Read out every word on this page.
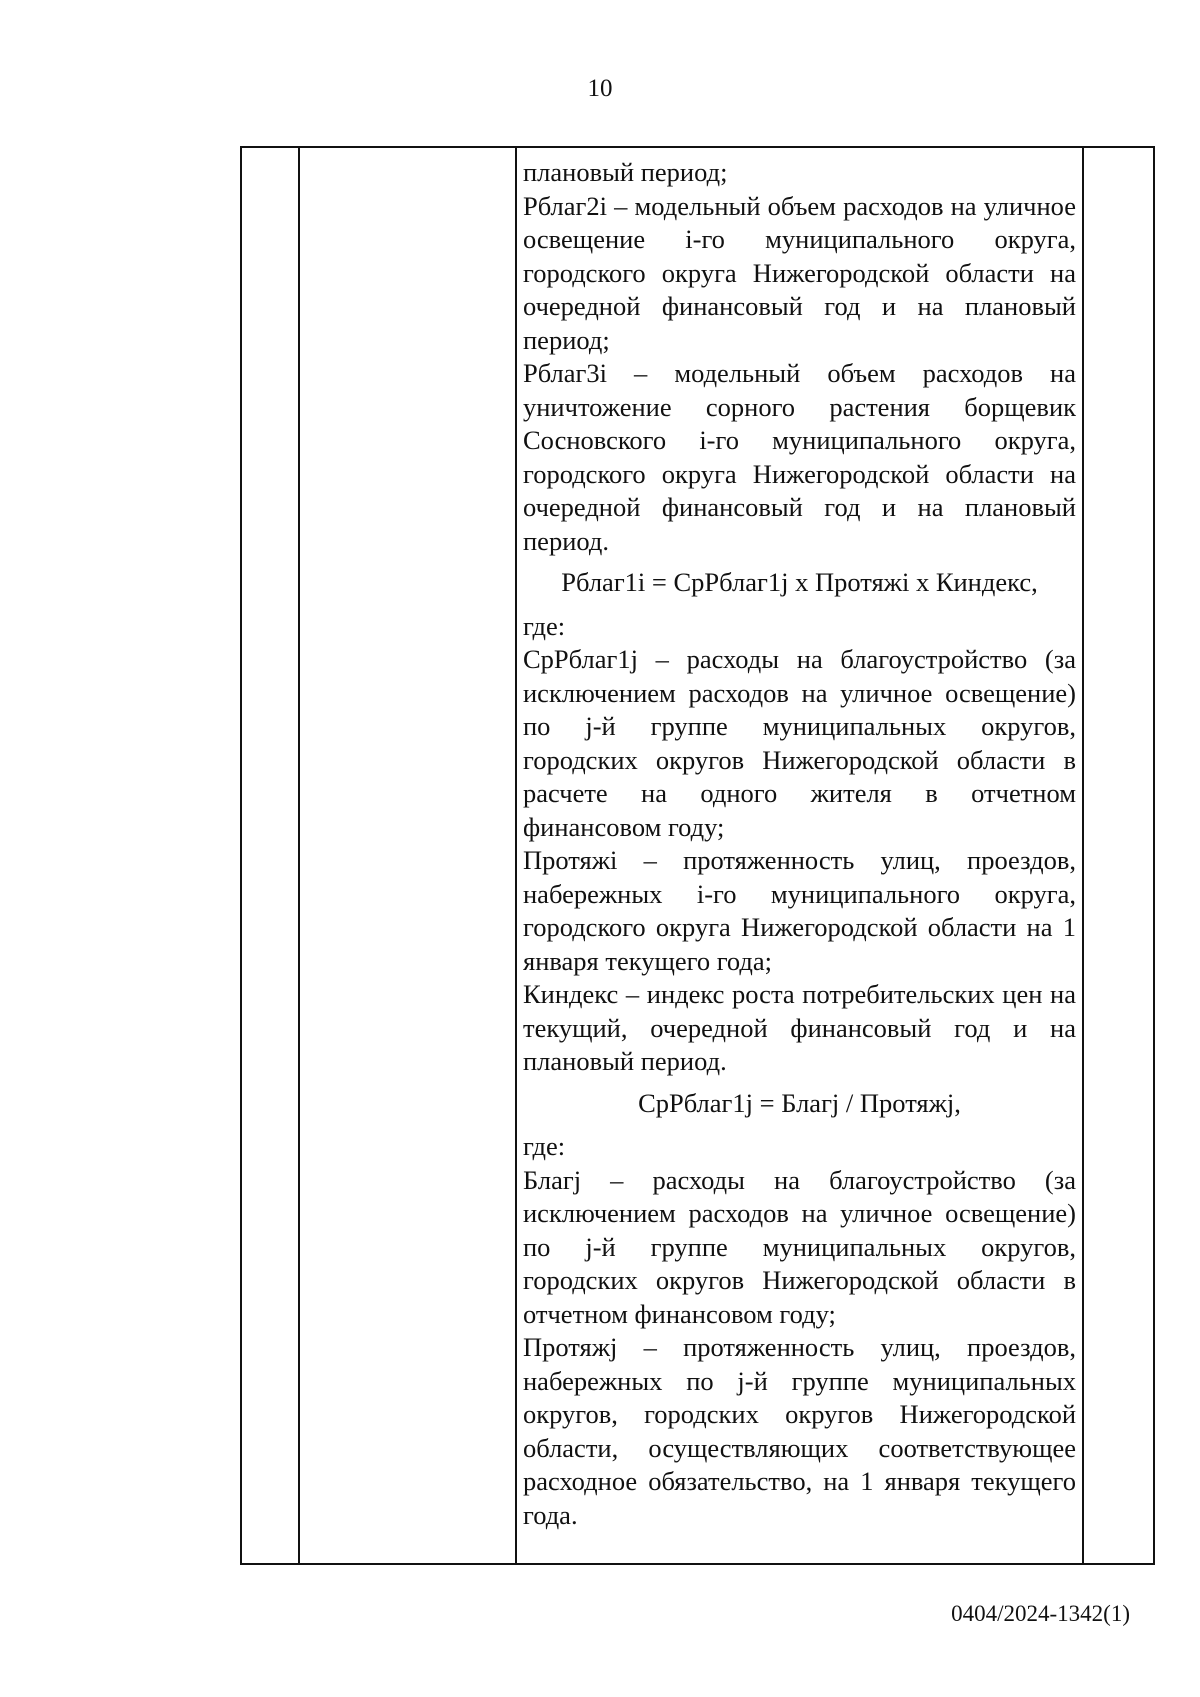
10

плановый период;

Рблаг2i – модельный объем расходов на уличное освещение i-го муниципального округа, городского округа Нижегородской области на очередной финансовый год и на плановый период;

Рблаг3i – модельный объем расходов на уничтожение сорного растения борщевик Сосновского i-го муниципального округа, городского округа Нижегородской области на очередной финансовый год и на плановый период.

Рблаг1i = СрРблаг1j х Протяжi х Киндекс,

где:

СрРблаг1j – расходы на благоустройство (за исключением расходов на уличное освещение) по j-й группе муниципальных округов, городских округов Нижегородской области в расчете на одного жителя в отчетном финансовом году;

Протяжi – протяженность улиц, проездов, набережных i-го муниципального округа, городского округа Нижегородской области на 1 января текущего года;

Киндекс – индекс роста потребительских цен на текущий, очередной финансовый год и на плановый период.

СрРблаг1j = Благj / Протяжj,

где:

Благj – расходы на благоустройство (за исключением расходов на уличное освещение) по j-й группе муниципальных округов, городских округов Нижегородской области в отчетном финансовом году;

Протяжj – протяженность улиц, проездов, набережных по j-й группе муниципальных округов, городских округов Нижегородской области, осуществляющих соответствующее расходное обязательство, на 1 января текущего года.

0404/2024-1342(1)
